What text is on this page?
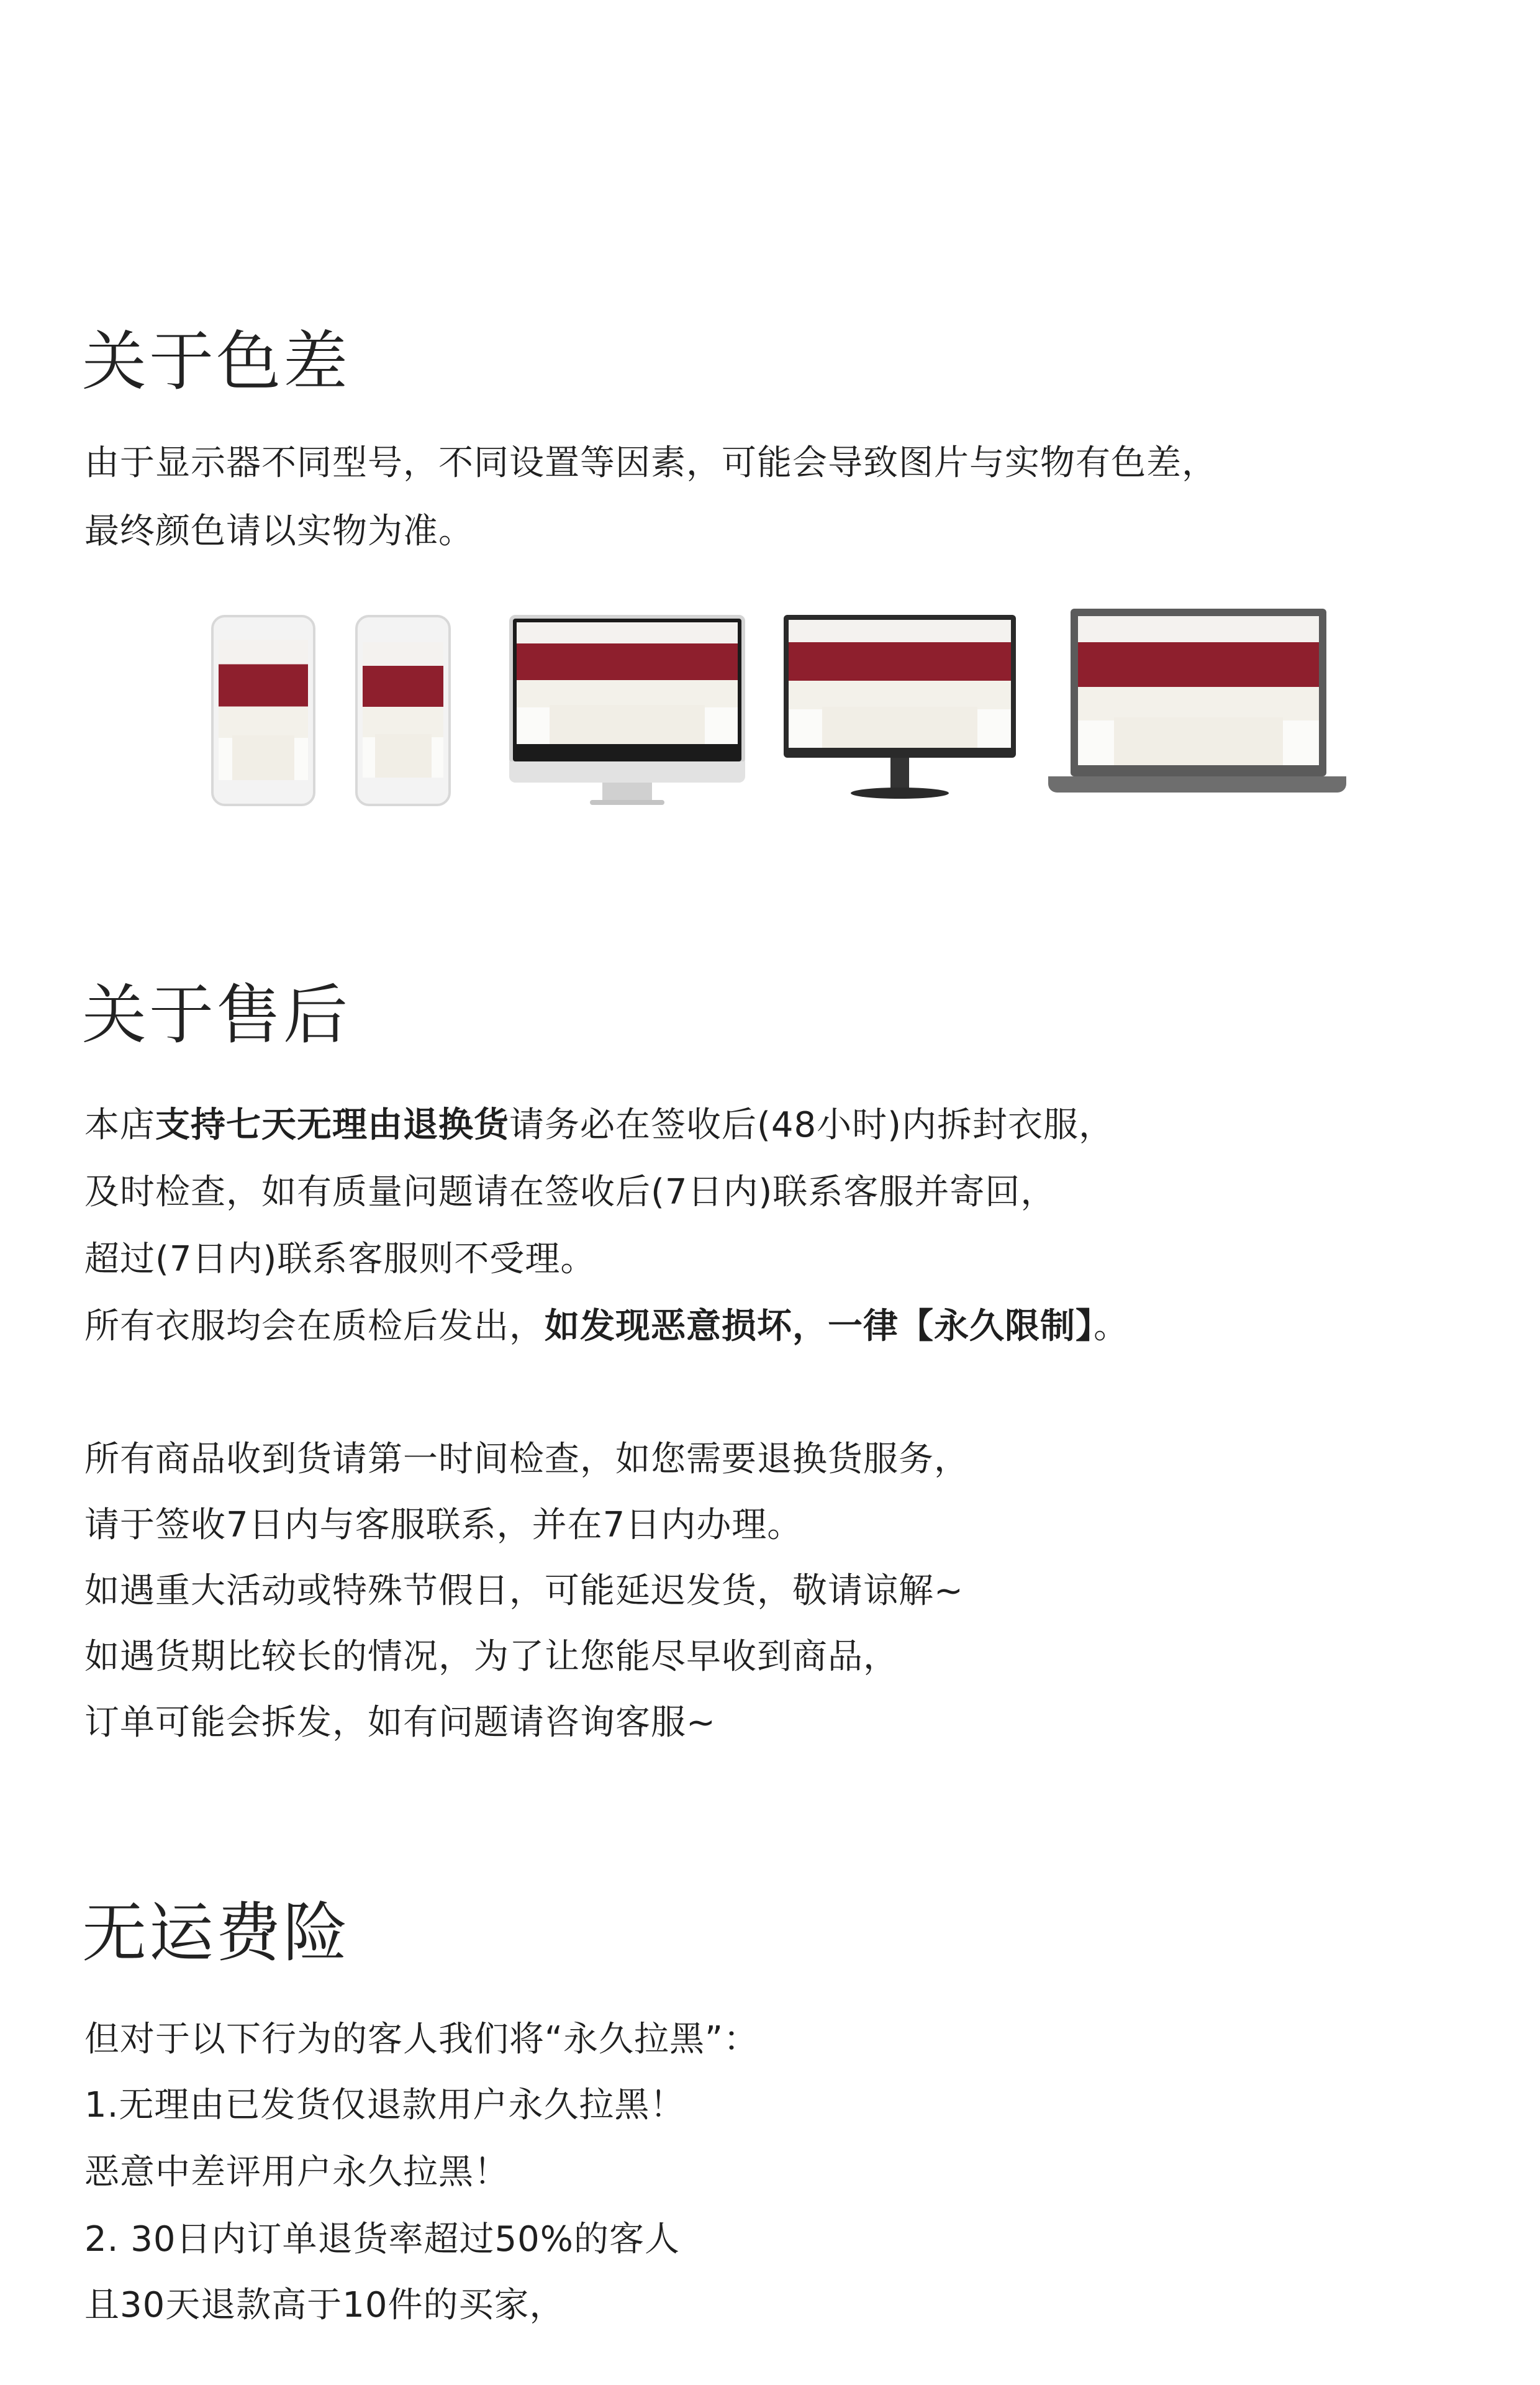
关于色差
由于显示器不同型号，不同设置等因素，可能会导致图片与实物有色差，
最终颜色请以实物为准。
关于售后
本店支持七天无理由退换货请务必在签收后(48小时)内拆封衣服，
及时检查，如有质量问题请在签收后(7日内)联系客服并寄回，
超过(7日内)联系客服则不受理。
所有衣服均会在质检后发出，如发现恶意损坏，一律【永久限制】。
所有商品收到货请第一时间检查，如您需要退换货服务，
请于签收7日内与客服联系，并在7日内办理。
如遇重大活动或特殊节假日，可能延迟发货，敬请谅解~
如遇货期比较长的情况，为了让您能尽早收到商品，
订单可能会拆发，如有问题请咨询客服~
无运费险
但对于以下行为的客人我们将“永久拉黑”：
1.无理由已发货仅退款用户永久拉黑！
恶意中差评用户永久拉黑！
2. 30日内订单退货率超过50%的客人
且30天退款高于10件的买家，
